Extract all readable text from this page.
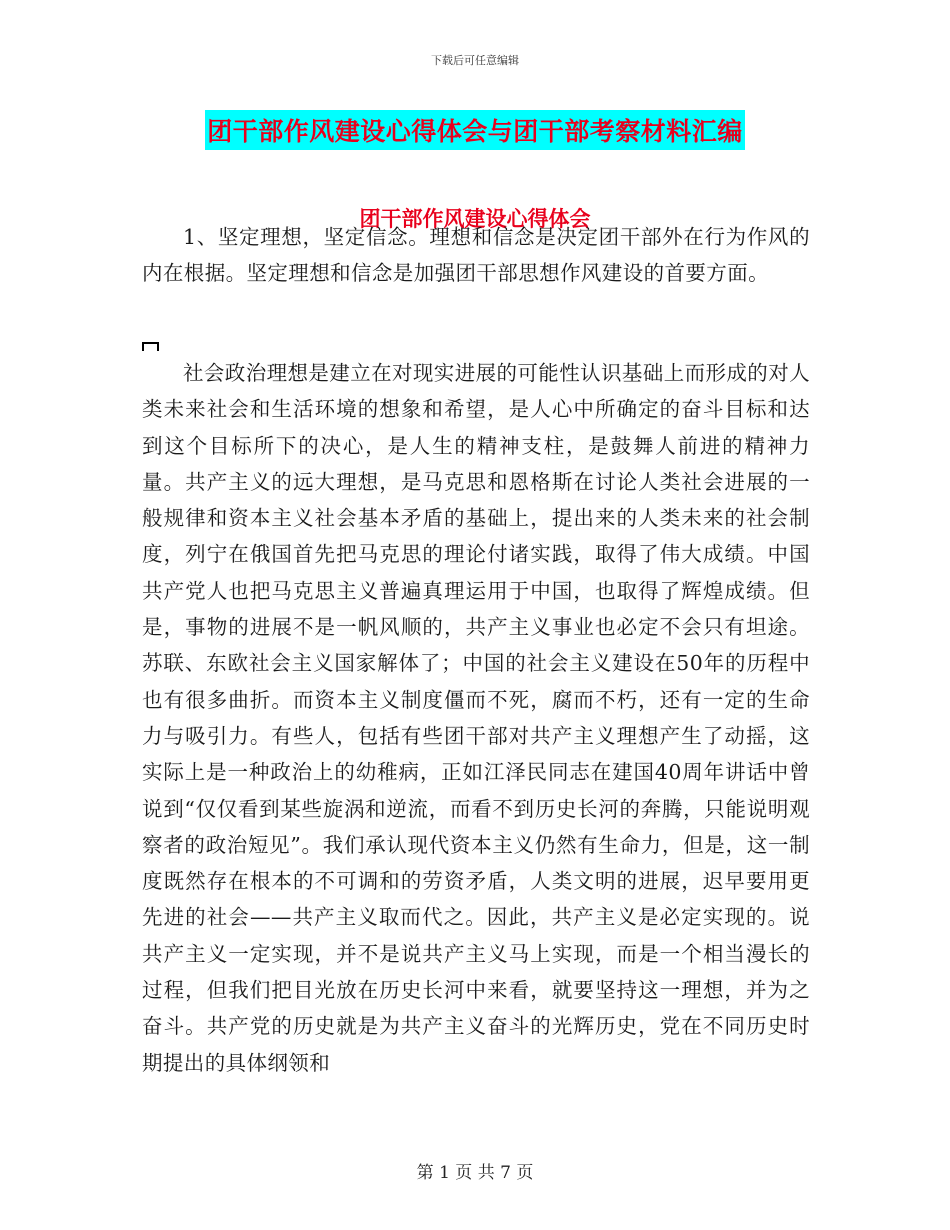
下载后可任意编辑
团干部作风建设心得体会与团干部考察材料汇编
团干部作风建设心得体会

1、坚定理想，坚定信念。理想和信念是决定团干部外在行为作风的内在根据。坚定理想和信念是加强团干部思想作风建设的首要方面。

社会政治理想是建立在对现实进展的可能性认识基础上而形成的对人类未来社会和生活环境的想象和希望，是人心中所确定的奋斗目标和达到这个目标所下的决心，是人生的精神支柱，是鼓舞人前进的精神力量。共产主义的远大理想，是马克思和恩格斯在讨论人类社会进展的一般规律和资本主义社会基本矛盾的基础上，提出来的人类未来的社会制度，列宁在俄国首先把马克思的理论付诸实践，取得了伟大成绩。中国共产党人也把马克思主义普遍真理运用于中国，也取得了辉煌成绩。但是，事物的进展不是一帆风顺的，共产主义事业也必定不会只有坦途。苏联、东欧社会主义国家解体了；中国的社会主义建设在50年的历程中也有很多曲折。而资本主义制度僵而不死，腐而不朽，还有一定的生命力与吸引力。有些人，包括有些团干部对共产主义理想产生了动摇，这实际上是一种政治上的幼稚病，正如江泽民同志在建国40周年讲话中曾说到“仅仅看到某些旋涡和逆流，而看不到历史长河的奔腾，只能说明观察者的政治短见”。我们承认现代资本主义仍然有生命力，但是，这一制度既然存在根本的不可调和的劳资矛盾，人类文明的进展，迟早要用更先进的社会——共产主义取而代之。因此，共产主义是必定实现的。说共产主义一定实现，并不是说共产主义马上实现，而是一个相当漫长的过程，但我们把目光放在历史长河中来看，就要坚持这一理想，并为之奋斗。共产党的历史就是为共产主义奋斗的光辉历史，党在不同历史时期提出的具体纲领和

第 1 页 共 7 页
